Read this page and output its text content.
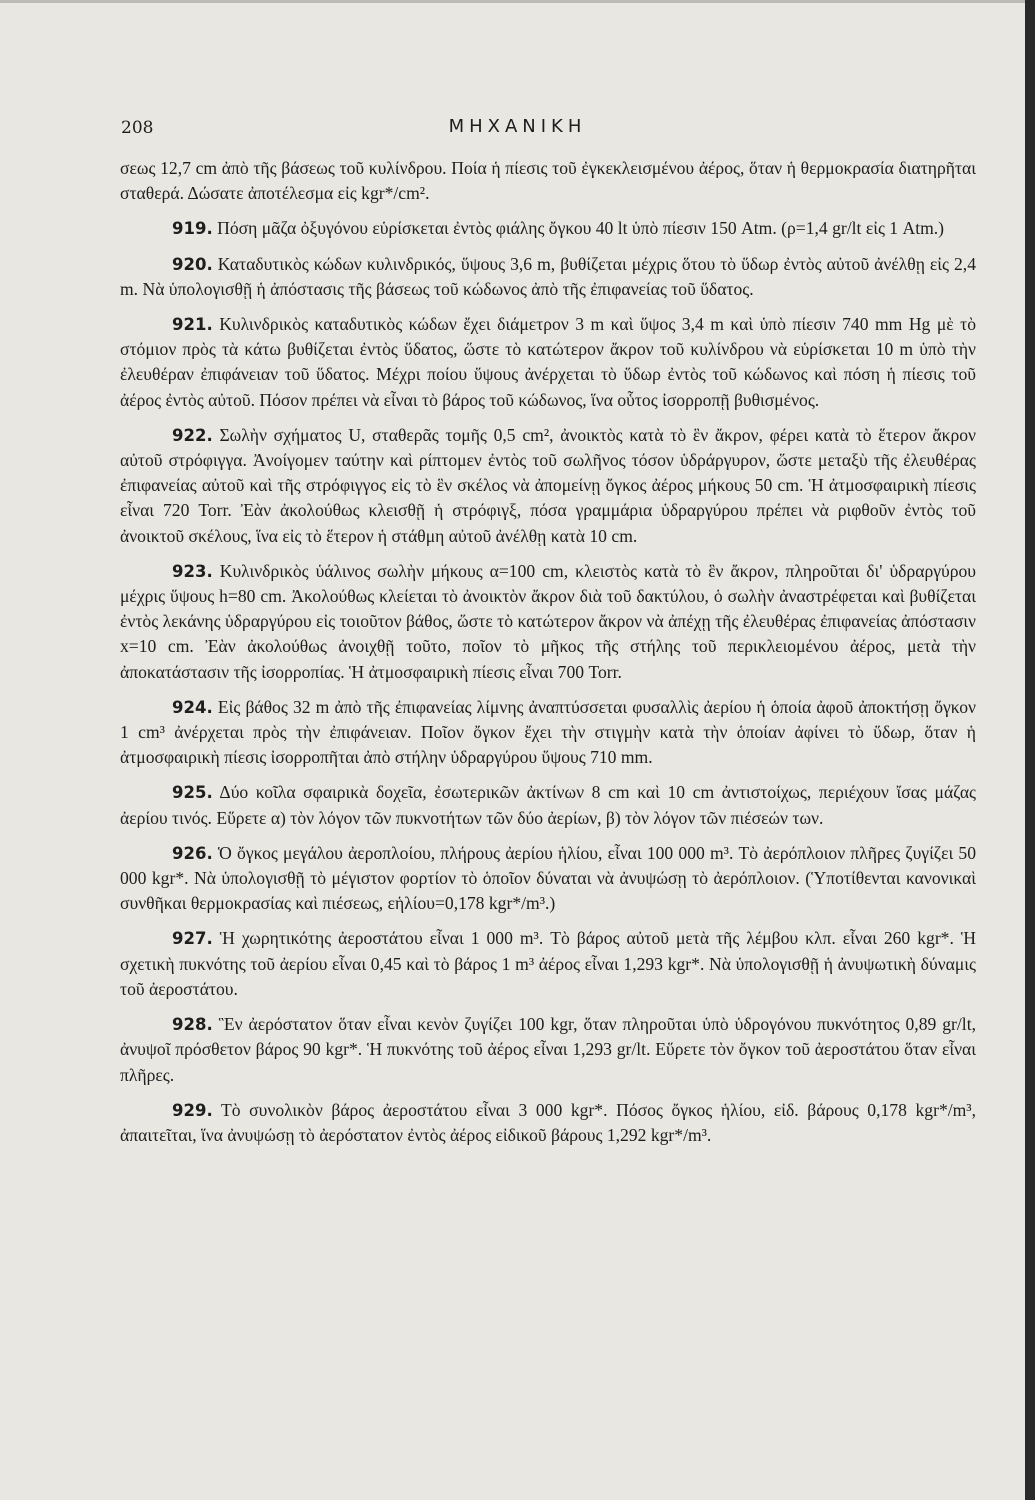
208	ΜΗΧΑΝΙΚΗ

σεως 12,7 cm ἀπὸ τῆς βάσεως τοῦ κυλίνδρου. Ποία ἡ πίεσις τοῦ ἐγκεκλεισμένου ἀέρος, ὅταν ἡ θερμοκρασία διατηρῆται σταθερά. Δώσατε ἀποτέλεσμα εἰς kgr*/cm².

919. Πόση μᾶζα ὀξυγόνου εὑρίσκεται ἐντὸς φιάλης ὄγκου 40 lt ὑπὸ πίεσιν 150 Atm. (ρ=1,4 gr/lt εἰς 1 Atm.)

920. Καταδυτικὸς κώδων κυλινδρικός, ὕψους 3,6 m, βυθίζεται μέχρις ὅτου τὸ ὕδωρ ἐντὸς αὐτοῦ ἀνέλθῃ εἰς 2,4 m. Νὰ ὑπολογισθῇ ἡ ἀπόστασις τῆς βάσεως τοῦ κώδωνος ἀπὸ τῆς ἐπιφανείας τοῦ ὕδατος.

921. Κυλινδρικὸς καταδυτικὸς κώδων ἔχει διάμετρον 3 m καὶ ὕψος 3,4 m καὶ ὑπὸ πίεσιν 740 mm Hg μὲ τὸ στόμιον πρὸς τὰ κάτω βυθίζεται ἐντὸς ὕδατος, ὥστε τὸ κατώτερον ἄκρον τοῦ κυλίνδρου νὰ εὑρίσκεται 10 m ὑπὸ τὴν ἐλευθέραν ἐπιφάνειαν τοῦ ὕδατος. Μέχρι ποίου ὕψους ἀνέρχεται τὸ ὕδωρ ἐντὸς τοῦ κώδωνος καὶ πόση ἡ πίεσις τοῦ ἀέρος ἐντὸς αὐτοῦ. Πόσον πρέπει νὰ εἶναι τὸ βάρος τοῦ κώδωνος, ἵνα οὗτος ἰσορροπῇ βυθισμένος.

922. Σωλὴν σχήματος U, σταθερᾶς τομῆς 0,5 cm², ἀνοικτὸς κατὰ τὸ ἓν ἄκρον, φέρει κατὰ τὸ ἕτερον ἄκρον αὐτοῦ στρόφιγγα. Ἀνοίγομεν ταύτην καὶ ρίπτομεν ἐντὸς τοῦ σωλῆνος τόσον ὑδράργυρον, ὥστε μεταξὺ τῆς ἐλευθέρας ἐπιφανείας αὐτοῦ καὶ τῆς στρόφιγγος εἰς τὸ ἓν σκέλος νὰ ἀπομείνῃ ὄγκος ἀέρος μήκους 50 cm. Ἡ ἀτμοσφαιρικὴ πίεσις εἶναι 720 Torr. Ἐὰν ἀκολούθως κλεισθῇ ἡ στρόφιγξ, πόσα γραμμάρια ὑδραργύρου πρέπει νὰ ριφθοῦν ἐντὸς τοῦ ἀνοικτοῦ σκέλους, ἵνα εἰς τὸ ἕτερον ἡ στάθμη αὐτοῦ ἀνέλθῃ κατὰ 10 cm.

923. Κυλινδρικὸς ὑάλινος σωλὴν μήκους α=100 cm, κλειστὸς κατὰ τὸ ἓν ἄκρον, πληροῦται δι' ὑδραργύρου μέχρις ὕψους h=80 cm. Ἀκολούθως κλείεται τὸ ἀνοικτὸν ἄκρον διὰ τοῦ δακτύλου, ὁ σωλὴν ἀναστρέφεται καὶ βυθίζεται ἐντὸς λεκάνης ὑδραργύρου εἰς τοιοῦτον βάθος, ὥστε τὸ κατώτερον ἄκρον νὰ ἀπέχῃ τῆς ἐλευθέρας ἐπιφανείας ἀπόστασιν x=10 cm. Ἐὰν ἀκολούθως ἀνοιχθῇ τοῦτο, ποῖον τὸ μῆκος τῆς στήλης τοῦ περικλειομένου ἀέρος, μετὰ τὴν ἀποκατάστασιν τῆς ἰσορροπίας. Ἡ ἀτμοσφαιρικὴ πίεσις εἶναι 700 Torr.

924. Εἰς βάθος 32 m ἀπὸ τῆς ἐπιφανείας λίμνης ἀναπτύσσεται φυσαλλὶς ἀερίου ἡ ὁποία ἀφοῦ ἀποκτήσῃ ὄγκον 1 cm³ ἀνέρχεται πρὸς τὴν ἐπιφάνειαν. Ποῖον ὄγκον ἔχει τὴν στιγμὴν κατὰ τὴν ὁποίαν ἀφίνει τὸ ὕδωρ, ὅταν ἡ ἀτμοσφαιρικὴ πίεσις ἰσορροπῆται ἀπὸ στήλην ὑδραργύρου ὕψους 710 mm.

925. Δύο κοῖλα σφαιρικὰ δοχεῖα, ἐσωτερικῶν ἀκτίνων 8 cm καὶ 10 cm ἀντιστοίχως, περιέχουν ἴσας μάζας ἀερίου τινός. Εὕρετε α) τὸν λόγον τῶν πυκνοτήτων τῶν δύο ἀερίων, β) τὸν λόγον τῶν πιέσεών των.

926. Ὁ ὄγκος μεγάλου ἀεροπλοίου, πλήρους ἀερίου ἡλίου, εἶναι 100 000 m³. Τὸ ἀερόπλοιον πλῆρες ζυγίζει 50 000 kgr*. Νὰ ὑπολογισθῇ τὸ μέγιστον φορτίον τὸ ὁποῖον δύναται νὰ ἀνυψώσῃ τὸ ἀερόπλοιον. (Ὑποτίθενται κανονικαὶ συνθῆκαι θερμοκρασίας καὶ πιέσεως, εἡλίου=0,178 kgr*/m³.)

927. Ἡ χωρητικότης ἀεροστάτου εἶναι 1 000 m³. Τὸ βάρος αὐτοῦ μετὰ τῆς λέμβου κλπ. εἶναι 260 kgr*. Ἡ σχετικὴ πυκνότης τοῦ ἀερίου εἶναι 0,45 καὶ τὸ βάρος 1 m³ ἀέρος εἶναι 1,293 kgr*. Νὰ ὑπολογισθῇ ἡ ἀνυψωτικὴ δύναμις τοῦ ἀεροστάτου.

928. Ἓν ἀερόστατον ὅταν εἶναι κενὸν ζυγίζει 100 kgr, ὅταν πληροῦται ὑπὸ ὑδρογόνου πυκνότητος 0,89 gr/lt, ἀνυψοῖ πρόσθετον βάρος 90 kgr*. Ἡ πυκνότης τοῦ ἀέρος εἶναι 1,293 gr/lt. Εὕρετε τὸν ὄγκον τοῦ ἀεροστάτου ὅταν εἶναι πλῆρες.

929. Τὸ συνολικὸν βάρος ἀεροστάτου εἶναι 3 000 kgr*. Πόσος ὄγκος ἡλίου, εἰδ. βάρους 0,178 kgr*/m³, ἀπαιτεῖται, ἵνα ἀνυψώσῃ τὸ ἀερόστατον ἐντὸς ἀέρος εἰδικοῦ βάρους 1,292 kgr*/m³.
